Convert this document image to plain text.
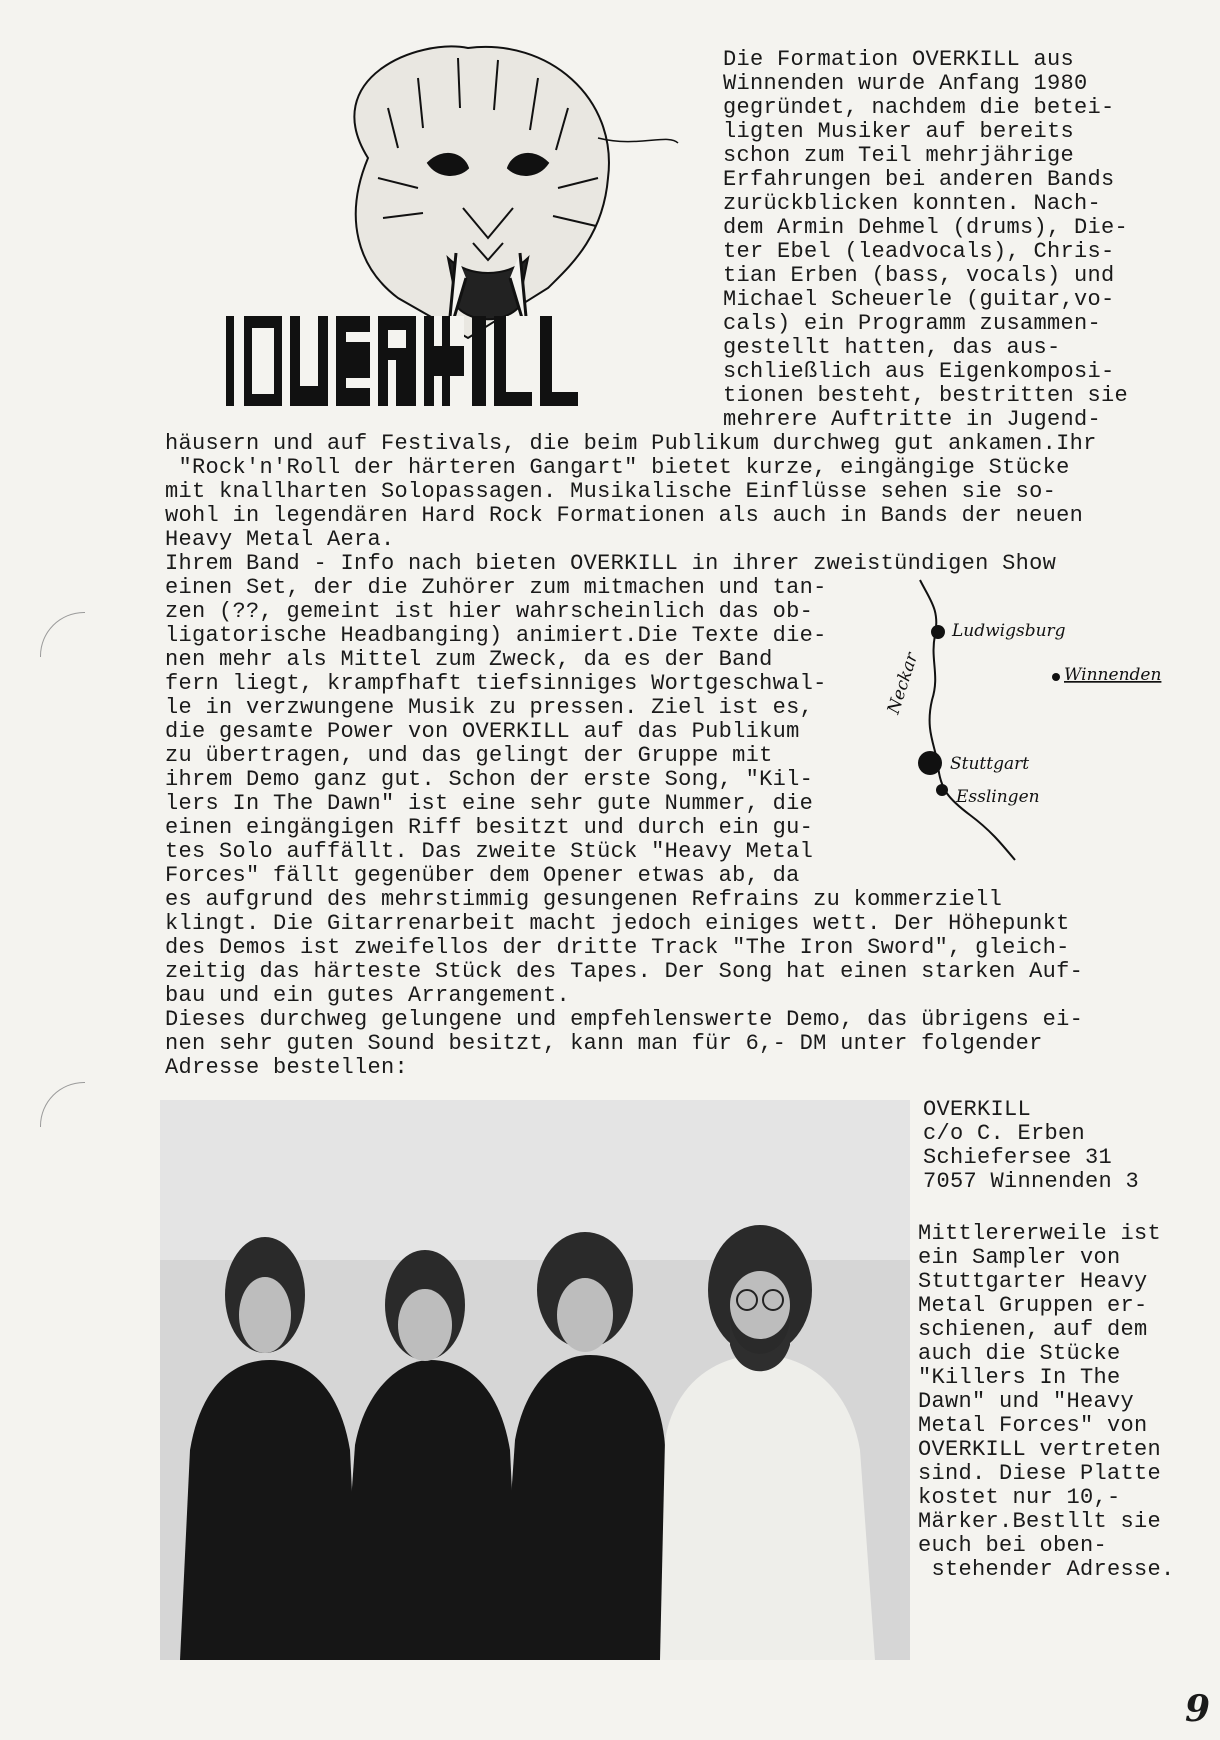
Die Formation OVERKILL aus
Winnenden wurde Anfang 1980
gegründet, nachdem die betei-
ligten Musiker auf bereits
schon zum Teil mehrjährige
Erfahrungen bei anderen Bands
zurückblicken konnten. Nach-
dem Armin Dehmel (drums), Die-
ter Ebel (leadvocals), Chris-
tian Erben (bass, vocals) und
Michael Scheuerle (guitar,vo-
cals) ein Programm zusammen-
gestellt hatten, das aus-
schließlich aus Eigenkomposi-
tionen besteht, bestritten sie
mehrere Auftritte in Jugend-
häusern und auf Festivals, die beim Publikum durchweg gut ankamen.Ihr
"Rock'n'Roll der härteren Gangart" bietet kurze, eingängige Stücke
mit knallharten Solopassagen. Musikalische Einflüsse sehen sie so-
wohl in legendären Hard Rock Formationen als auch in Bands der neuen
Heavy Metal Aera.
Ihrem Band - Info nach bieten OVERKILL in ihrer zweistündigen Show
einen Set, der die Zuhörer zum mitmachen und tan-
zen (??, gemeint ist hier wahrscheinlich das ob-
ligatorische Headbanging) animiert.Die Texte die-
nen mehr als Mittel zum Zweck, da es der Band
fern liegt, krampfhaft tiefsinniges Wortgeschwal-
le in verzwungene Musik zu pressen. Ziel ist es,
die gesamte Power von OVERKILL auf das Publikum
zu übertragen, und das gelingt der Gruppe mit
ihrem Demo ganz gut. Schon der erste Song, "Kil-
lers In The Dawn" ist eine sehr gute Nummer, die
einen eingängigen Riff besitzt und durch ein gu-
tes Solo auffällt. Das zweite Stück "Heavy Metal
Forces" fällt gegenüber dem Opener etwas ab, da
es aufgrund des mehrstimmig gesungenen Refrains zu kommerziell
klingt. Die Gitarrenarbeit macht jedoch einiges wett. Der Höhepunkt
des Demos ist zweifellos der dritte Track "The Iron Sword", gleich-
zeitig das härteste Stück des Tapes. Der Song hat einen starken Auf-
bau und ein gutes Arrangement.
Dieses durchweg gelungene und empfehlenswerte Demo, das übrigens ei-
nen sehr guten Sound besitzt, kann man für 6,- DM unter folgender
Adresse bestellen:
Ludwigsburg
Winnenden
Neckar
Stuttgart
Esslingen
OVERKILL
c/o C. Erben
Schiefersee 31
7057 Winnenden 3
Mittlererweile ist
ein Sampler von
Stuttgarter Heavy
Metal Gruppen er-
schienen, auf dem
auch die Stücke
"Killers In The
Dawn" und "Heavy
Metal Forces" von
OVERKILL vertreten
sind. Diese Platte
kostet nur 10,-
Märker.Bestllt sie
euch bei oben-
stehender Adresse.
9
